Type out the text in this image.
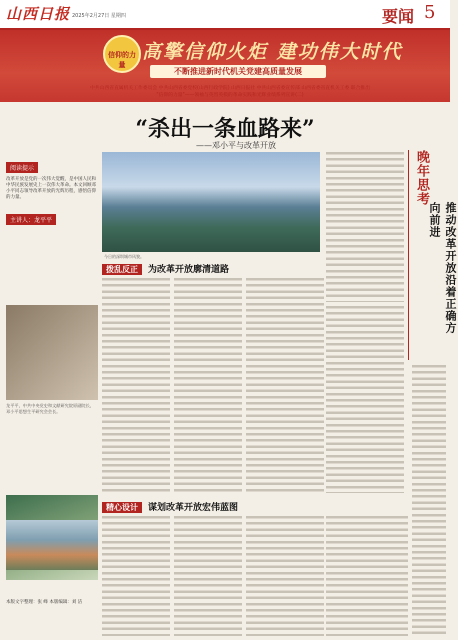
山西日报 2025年2月27日 星期四	要闻 5
信仰的力量
高擎信仰火炬 建功伟大时代
不断推进新时代机关党建高质量发展
中共山西省直属机关工作委员会 中共山西省委党校(山西行政学院) 山西日报社 中共山西省委宣传部 山西省委省直机关工委 联合推出
"信仰的力量"——领袖与英烈英模的革命实践和光辉业绩系列宣讲(二)
“杀出一条血路来”
——邓小平与改革开放
阅读提示
改革开放是党的一次伟大觉醒，是中国人民和中华民族发展史上一次伟大革命。本文回顾邓小平同志领导改革开放的光辉历程，感悟信仰的力量。
主讲人：龙平平
龙平平，中共中央党史和文献研究院原副院长，邓小平思想生平研究会会长。
本版文字整理：张 峰 本版编辑：刘 洁
今日的深圳城市风貌。
拨乱反正 为改革开放廓清道路
晚年思考
推动改革开放沿着正确方向前进
精心设计 谋划改革开放宏伟蓝图
